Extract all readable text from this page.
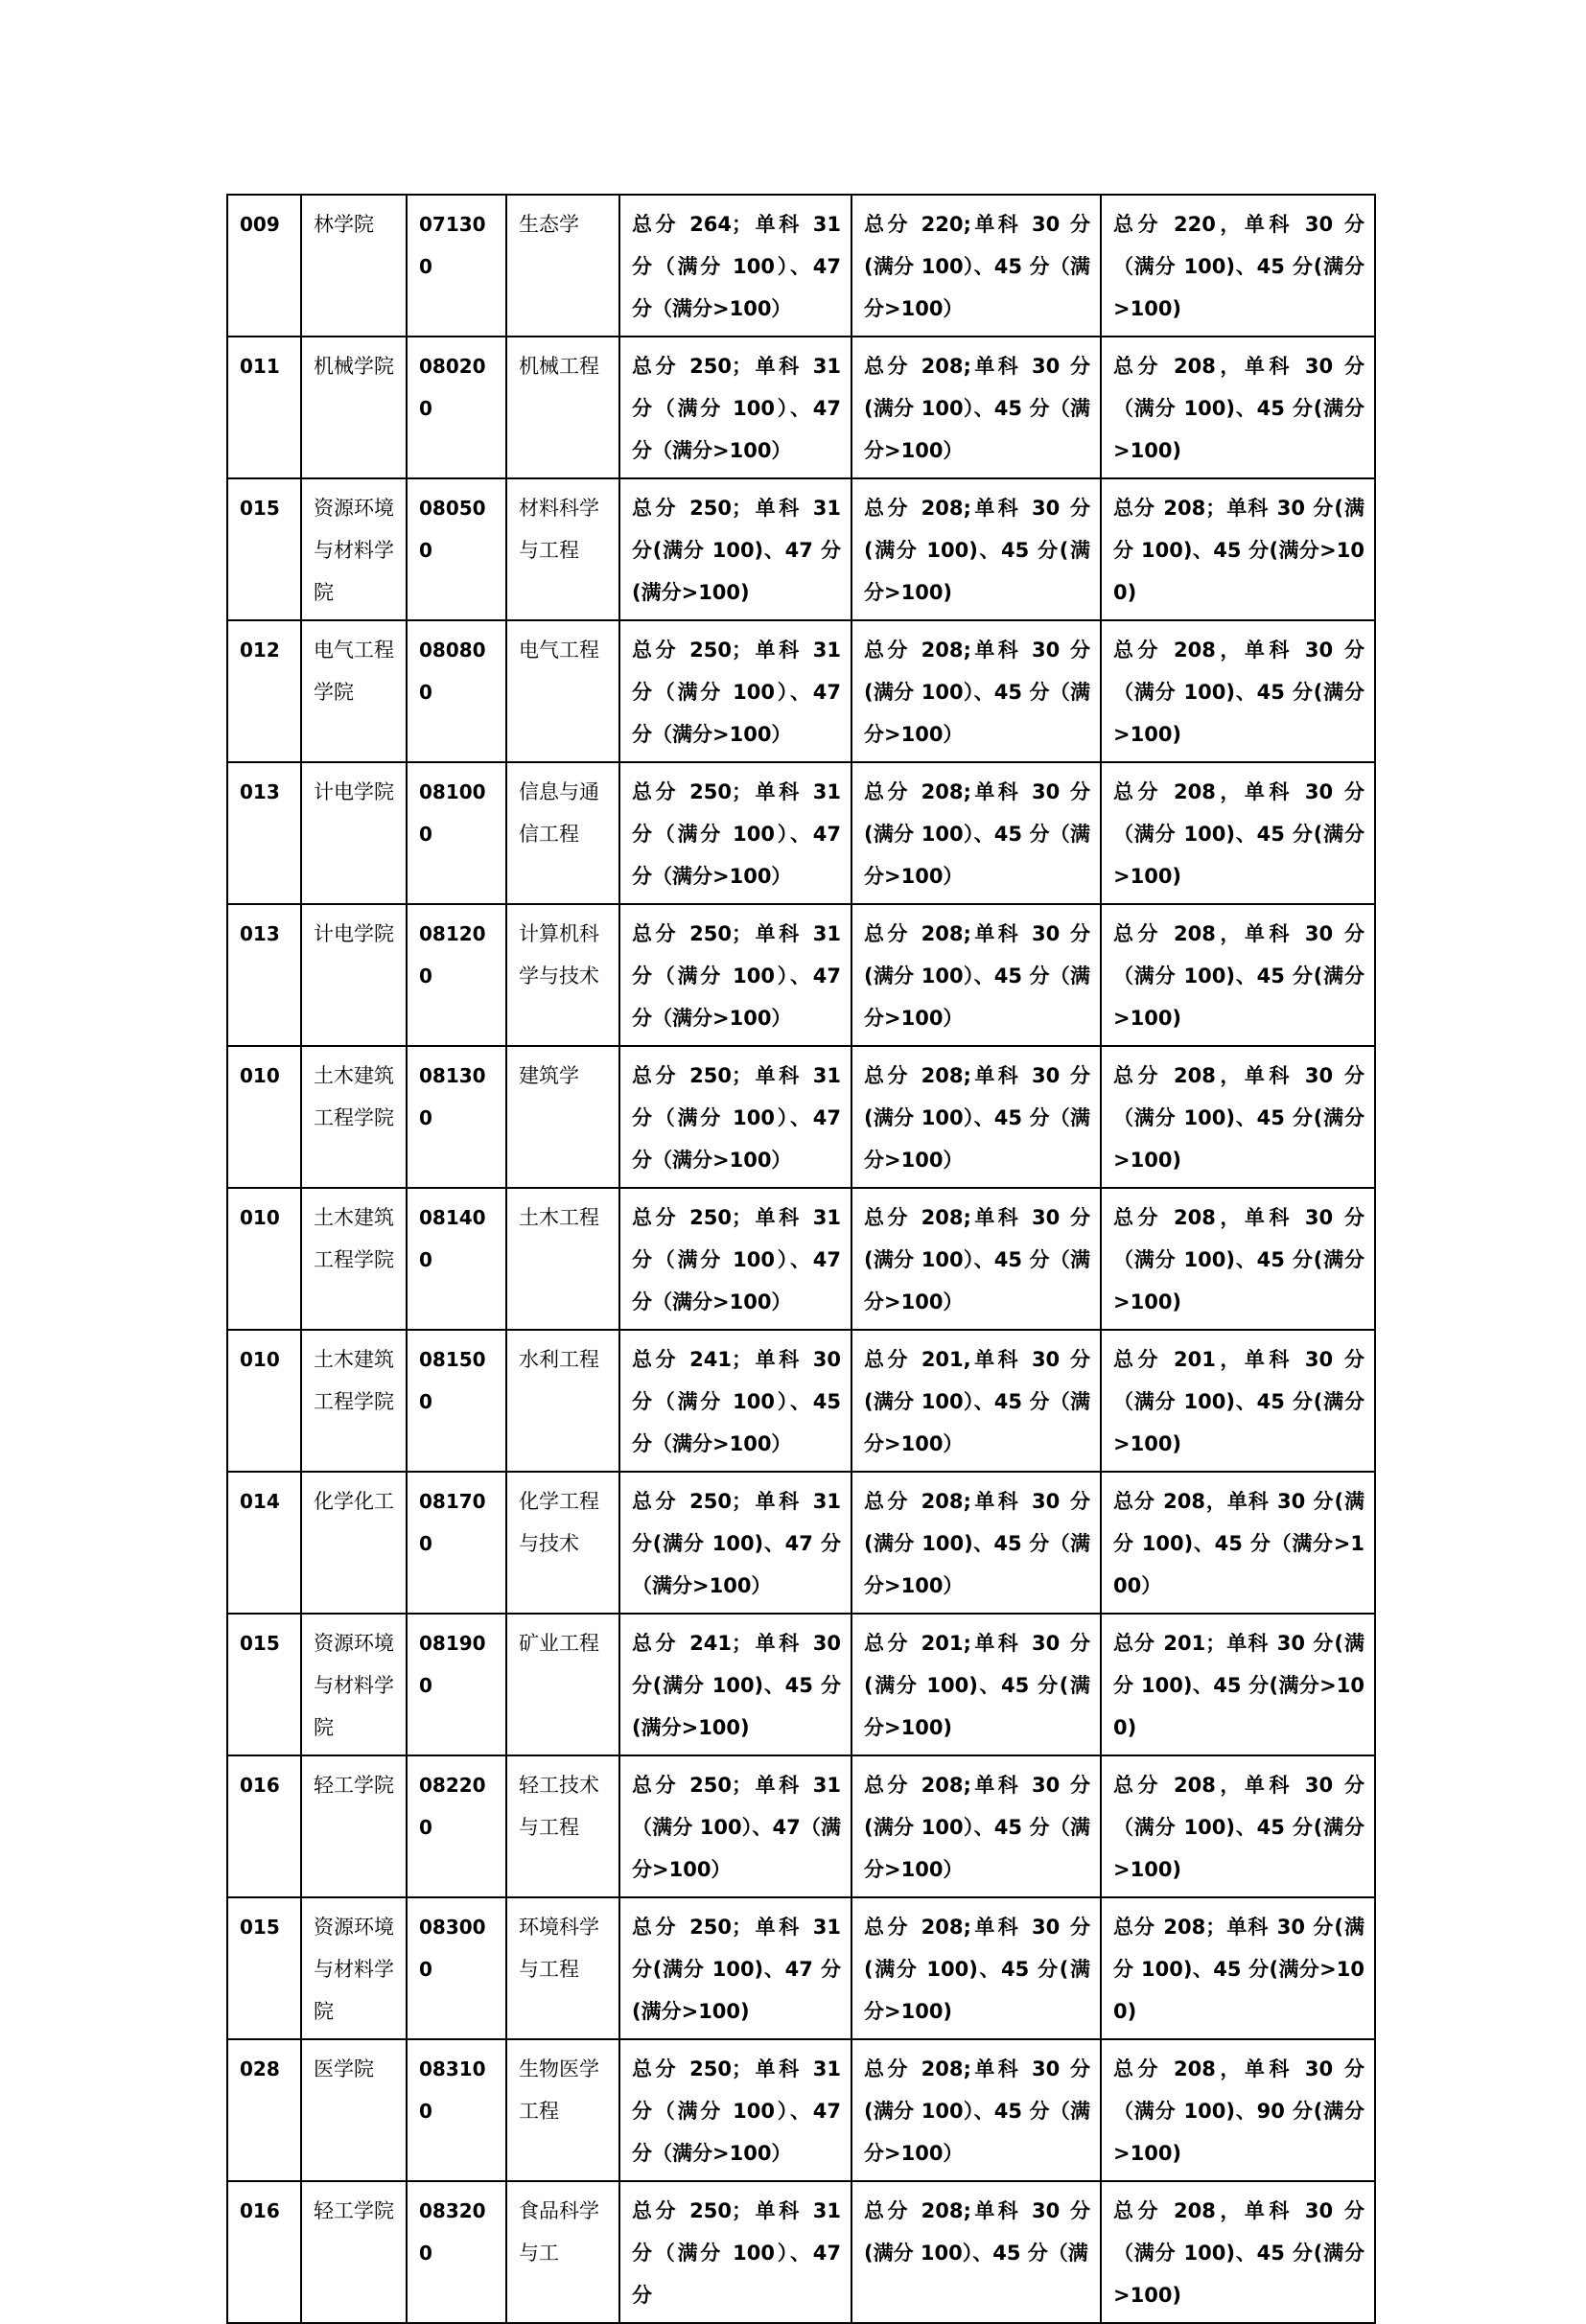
009	林学院	071300	生态学	总分 264；单科 31 分（满分 100）、47 分（满分>100）	总分 220;单科 30 分(满分 100）、45 分（满分>100）	总分 220，单科 30 分（满分 100)、45 分(满分>100)
011	机械学院	080200	机械工程	总分 250；单科 31 分（满分 100）、47 分（满分>100）	总分 208;单科 30 分(满分 100）、45 分（满分>100）	总分 208，单科 30 分（满分 100)、45 分(满分>100)
015	资源环境与材料学院	080500	材料科学与工程	总分 250；单科 31 分(满分 100)、47 分(满分>100)	总分 208;单科 30 分(满分 100)、45 分(满分>100)	总分 208；单科 30 分(满分 100)、45 分(满分>100)
012	电气工程学院	080800	电气工程	总分 250；单科 31 分（满分 100）、47 分（满分>100）	总分 208;单科 30 分(满分 100）、45 分（满分>100）	总分 208，单科 30 分（满分 100)、45 分(满分>100)
013	计电学院	081000	信息与通信工程	总分 250；单科 31 分（满分 100）、47 分（满分>100）	总分 208;单科 30 分(满分 100）、45 分（满分>100）	总分 208，单科 30 分（满分 100)、45 分(满分>100)
013	计电学院	081200	计算机科学与技术	总分 250；单科 31 分（满分 100）、47 分（满分>100）	总分 208;单科 30 分(满分 100）、45 分（满分>100）	总分 208，单科 30 分（满分 100)、45 分(满分>100)
010	土木建筑工程学院	081300	建筑学	总分 250；单科 31 分（满分 100）、47 分（满分>100）	总分 208;单科 30 分(满分 100）、45 分（满分>100）	总分 208，单科 30 分（满分 100)、45 分(满分>100)
010	土木建筑工程学院	081400	土木工程	总分 250；单科 31 分（满分 100）、47 分（满分>100）	总分 208;单科 30 分(满分 100）、45 分（满分>100）	总分 208，单科 30 分（满分 100)、45 分(满分>100)
010	土木建筑工程学院	081500	水利工程	总分 241；单科 30 分（满分 100）、45 分（满分>100）	总分 201,单科 30 分(满分 100）、45 分（满分>100）	总分 201，单科 30 分（满分 100)、45 分(满分>100)
014	化学化工	081700	化学工程与技术	总分 250；单科 31 分(满分 100)、47 分（满分>100）	总分 208;单科 30 分(满分 100)、45 分（满分>100）	总分 208，单科 30 分(满分 100)、45 分（满分>100）
015	资源环境与材料学院	081900	矿业工程	总分 241；单科 30 分(满分 100)、45 分(满分>100)	总分 201;单科 30 分(满分 100)、45 分(满分>100)	总分 201；单科 30 分(满分 100)、45 分(满分>100)
016	轻工学院	082200	轻工技术与工程	总分 250；单科 31（满分 100）、47（满分>100）	总分 208;单科 30 分(满分 100）、45 分（满分>100）	总分 208，单科 30 分（满分 100)、45 分(满分>100)
015	资源环境与材料学院	083000	环境科学与工程	总分 250；单科 31 分(满分 100)、47 分(满分>100)	总分 208;单科 30 分(满分 100)、45 分(满分>100)	总分 208；单科 30 分(满分 100)、45 分(满分>100)
028	医学院	083100	生物医学工程	总分 250；单科 31 分（满分 100）、47 分（满分>100）	总分 208;单科 30 分(满分 100）、45 分（满分>100）	总分 208，单科 30 分（满分 100)、90 分(满分>100)
016	轻工学院	083200	食品科学与工	总分 250；单科 31 分（满分 100）、47 分	总分 208;单科 30 分(满分 100）、45 分（满	总分 208，单科 30 分（满分 100)、45 分(满分>100)
